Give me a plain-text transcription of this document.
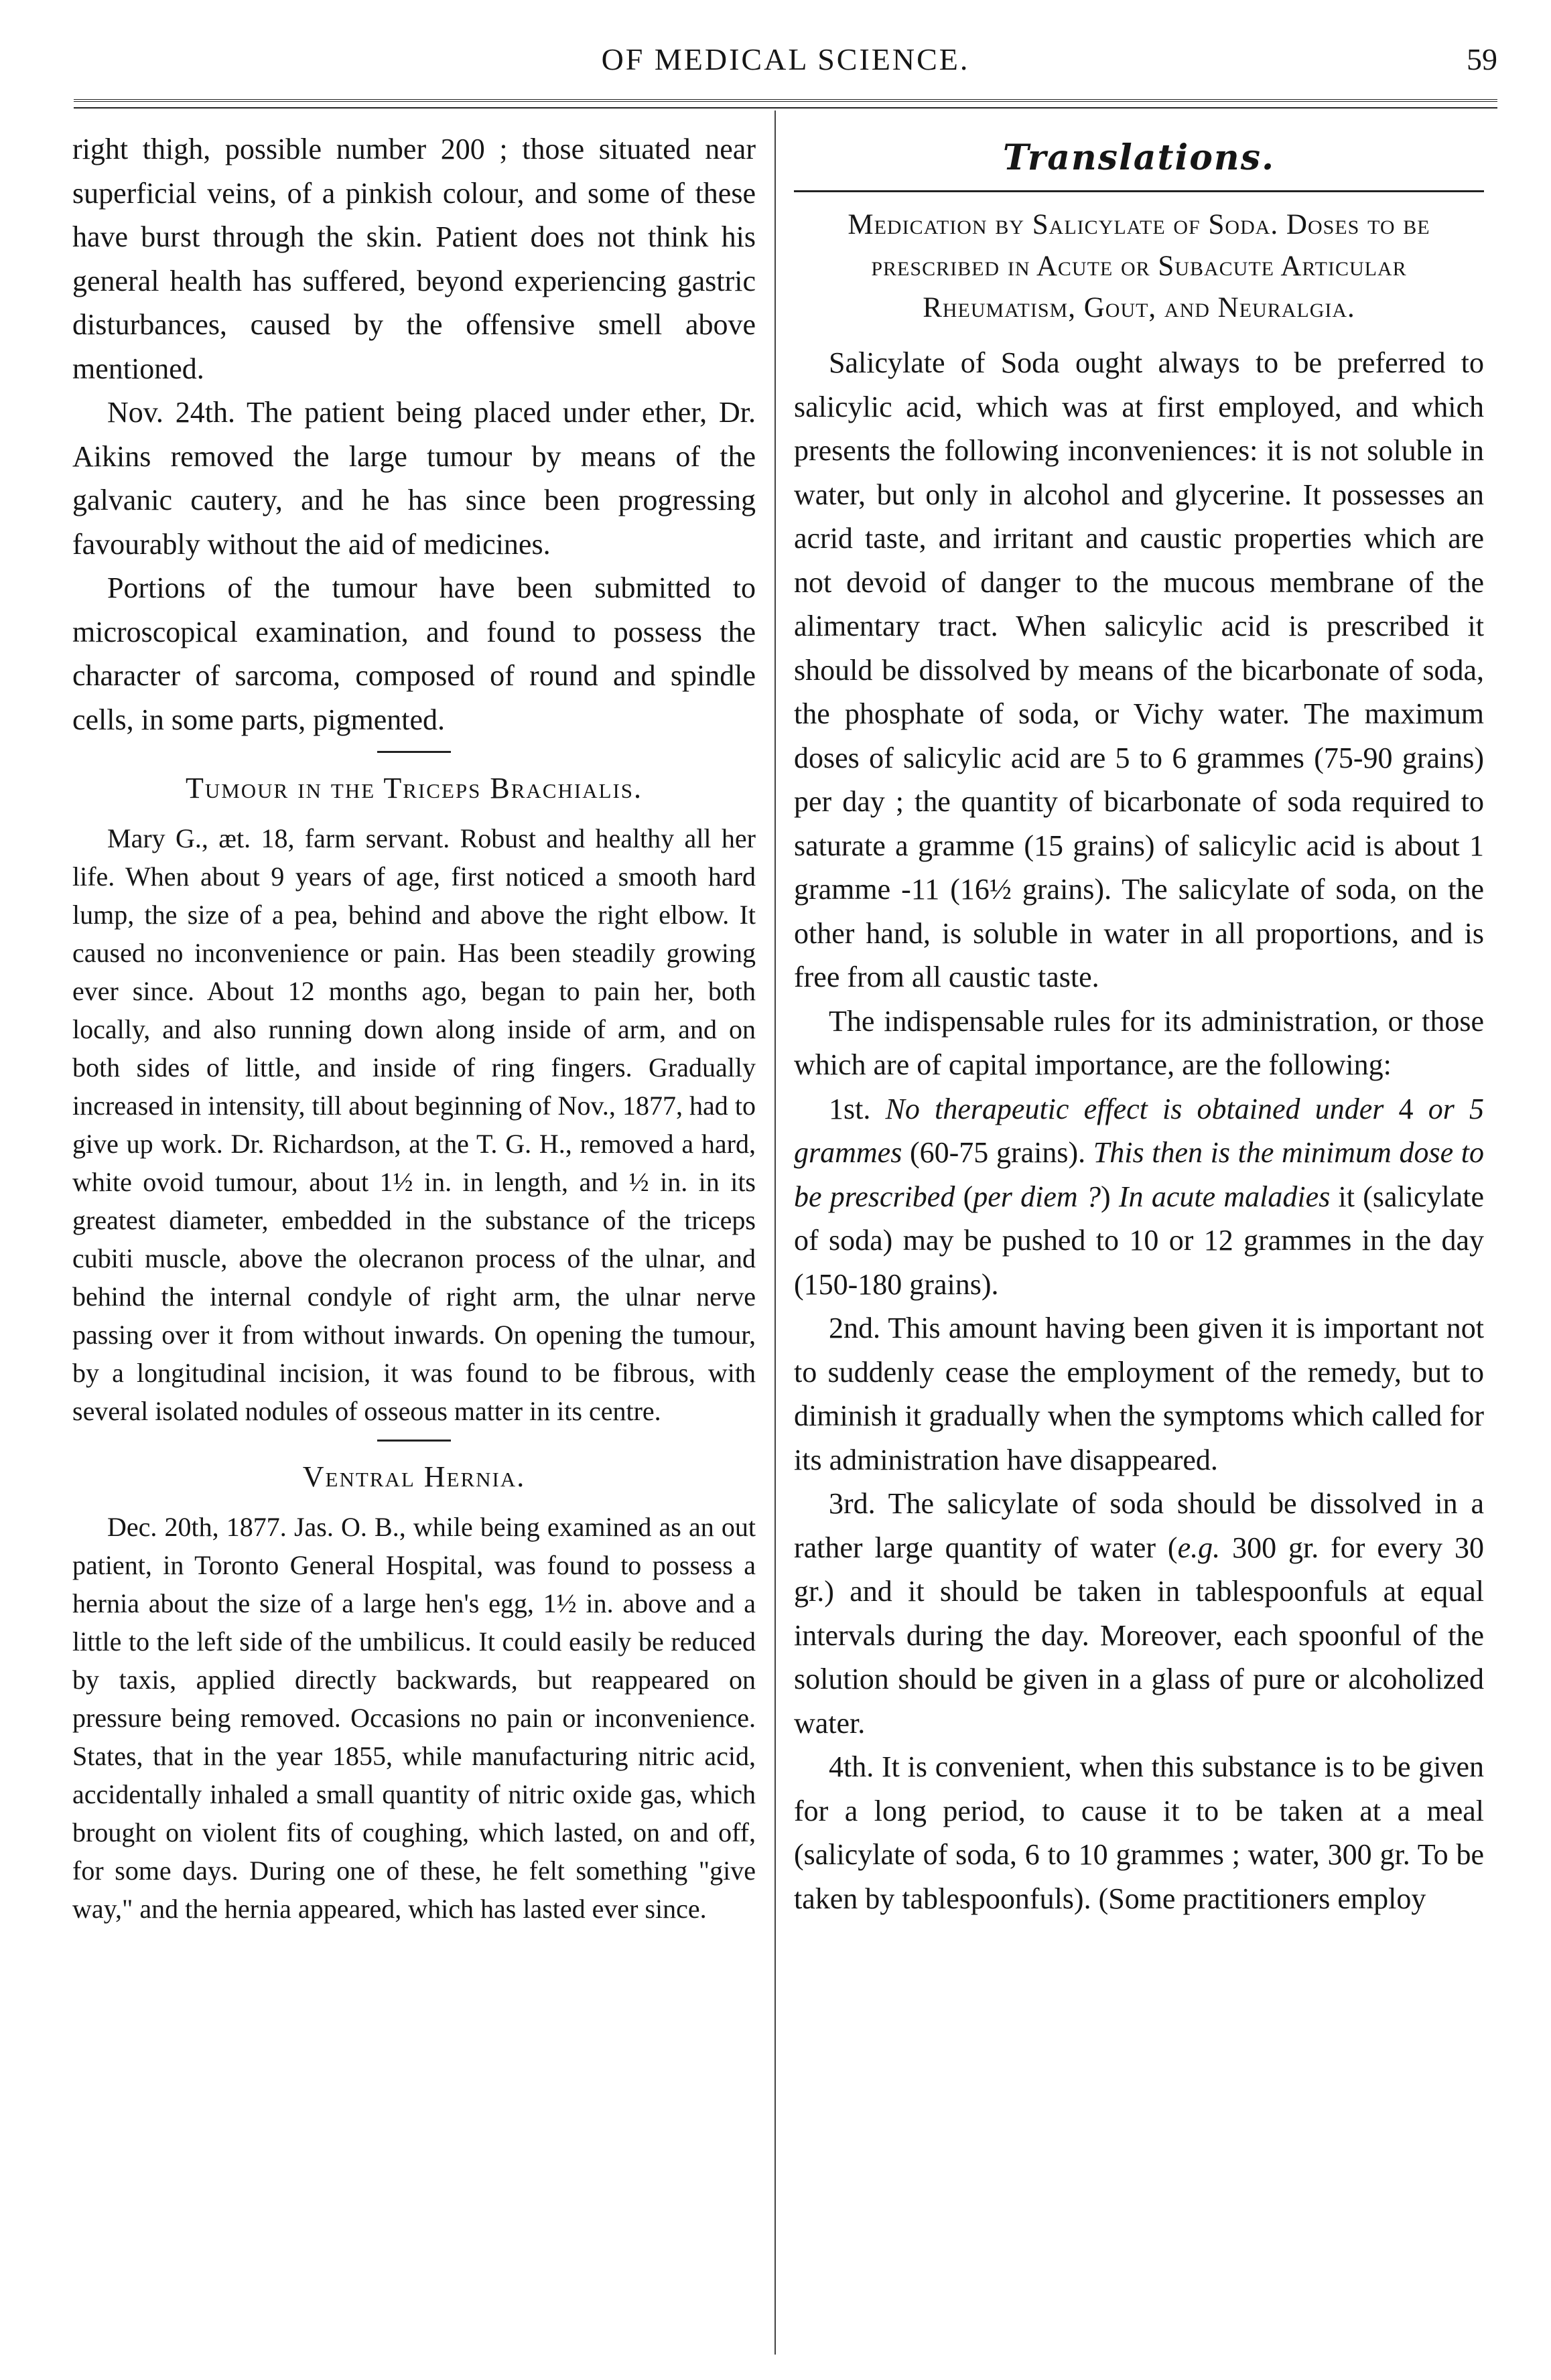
OF MEDICAL SCIENCE.	59

right thigh, possible number 200 ; those situated near superficial veins, of a pinkish colour, and some of these have burst through the skin. Patient does not think his general health has suffered, beyond experiencing gastric disturbances, caused by the offensive smell above mentioned.

Nov. 24th. The patient being placed under ether, Dr. Aikins removed the large tumour by means of the galvanic cautery, and he has since been progressing favourably without the aid of medicines.

Portions of the tumour have been submitted to microscopical examination, and found to possess the character of sarcoma, composed of round and spindle cells, in some parts, pigmented.

Tumour in the Triceps Brachialis.

Mary G., æt. 18, farm servant. Robust and healthy all her life. When about 9 years of age, first noticed a smooth hard lump, the size of a pea, behind and above the right elbow. It caused no inconvenience or pain. Has been steadily growing ever since. About 12 months ago, began to pain her, both locally, and also running down along inside of arm, and on both sides of little, and inside of ring fingers. Gradually increased in intensity, till about beginning of Nov., 1877, had to give up work. Dr. Richardson, at the T. G. H., removed a hard, white ovoid tumour, about 1½ in. in length, and ½ in. in its greatest diameter, embedded in the substance of the triceps cubiti muscle, above the olecranon process of the ulnar, and behind the internal condyle of right arm, the ulnar nerve passing over it from without inwards. On opening the tumour, by a longitudinal incision, it was found to be fibrous, with several isolated nodules of osseous matter in its centre.

Ventral Hernia.

Dec. 20th, 1877. Jas. O. B., while being examined as an out patient, in Toronto General Hospital, was found to possess a hernia about the size of a large hen's egg, 1½ in. above and a little to the left side of the umbilicus. It could easily be reduced by taxis, applied directly backwards, but reappeared on pressure being removed. Occasions no pain or inconvenience. States, that in the year 1855, while manufacturing nitric acid, accidentally inhaled a small quantity of nitric oxide gas, which brought on violent fits of coughing, which lasted, on and off, for some days. During one of these, he felt something "give way," and the hernia appeared, which has lasted ever since.

Translations.
Medication by Salicylate of Soda. Doses to be prescribed in Acute or Subacute Articular Rheumatism, Gout, and Neuralgia.

Salicylate of Soda ought always to be preferred to salicylic acid, which was at first employed, and which presents the following inconveniences: it is not soluble in water, but only in alcohol and glycerine. It possesses an acrid taste, and irritant and caustic properties which are not devoid of danger to the mucous membrane of the alimentary tract. When salicylic acid is prescribed it should be dissolved by means of the bicarbonate of soda, the phosphate of soda, or Vichy water. The maximum doses of salicylic acid are 5 to 6 grammes (75-90 grains) per day ; the quantity of bicarbonate of soda required to saturate a gramme (15 grains) of salicylic acid is about 1 gramme -11 (16½ grains). The salicylate of soda, on the other hand, is soluble in water in all proportions, and is free from all caustic taste.

The indispensable rules for its administration, or those which are of capital importance, are the following:

1st. No therapeutic effect is obtained under 4 or 5 grammes (60-75 grains). This then is the minimum dose to be prescribed (per diem ?) In acute maladies it (salicylate of soda) may be pushed to 10 or 12 grammes in the day (150-180 grains).

2nd. This amount having been given it is important not to suddenly cease the employment of the remedy, but to diminish it gradually when the symptoms which called for its administration have disappeared.

3rd. The salicylate of soda should be dissolved in a rather large quantity of water (e.g. 300 gr. for every 30 gr.) and it should be taken in tablespoonfuls at equal intervals during the day. Moreover, each spoonful of the solution should be given in a glass of pure or alcoholized water.

4th. It is convenient, when this substance is to be given for a long period, to cause it to be taken at a meal (salicylate of soda, 6 to 10 grammes ; water, 300 gr. To be taken by tablespoonfuls). (Some practitioners employ
